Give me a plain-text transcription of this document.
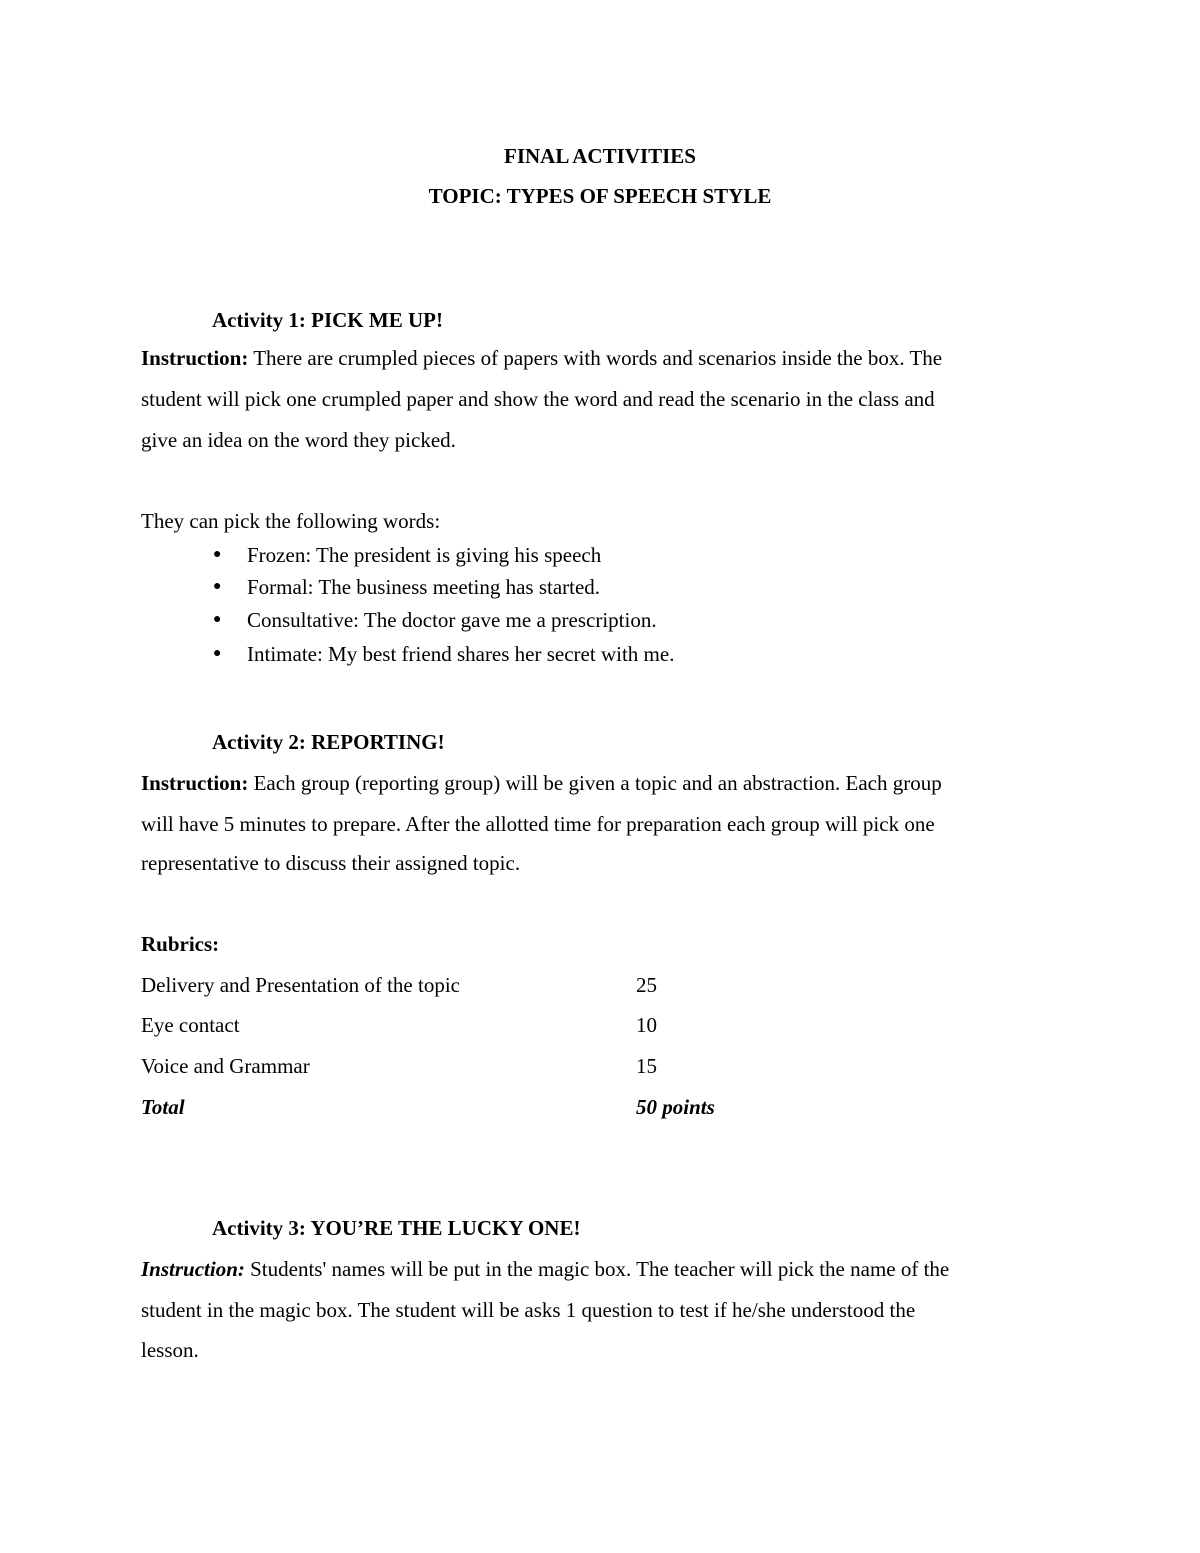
FINAL ACTIVITIES
TOPIC: TYPES OF SPEECH STYLE
Activity 1: PICK ME UP!
Instruction: There are crumpled pieces of papers with words and scenarios inside the box. The
student will pick one crumpled paper and show the word and read the scenario in the class and
give an idea on the word they picked.
They can pick the following words:
● Frozen: The president is giving his speech
● Formal: The business meeting has started.
● Consultative: The doctor gave me a prescription.
● Intimate: My best friend shares her secret with me.
Activity 2: REPORTING!
Instruction: Each group (reporting group) will be given a topic and an abstraction. Each group
will have 5 minutes to prepare. After the allotted time for preparation each group will pick one
representative to discuss their assigned topic.
Rubrics:
Delivery and Presentation of the topic	25
Eye contact	10
Voice and Grammar	15
Total	50 points
Activity 3: YOU’RE THE LUCKY ONE!
Instruction: Students' names will be put in the magic box. The teacher will pick the name of the
student in the magic box. The student will be asks 1 question to test if he/she understood the
lesson.
